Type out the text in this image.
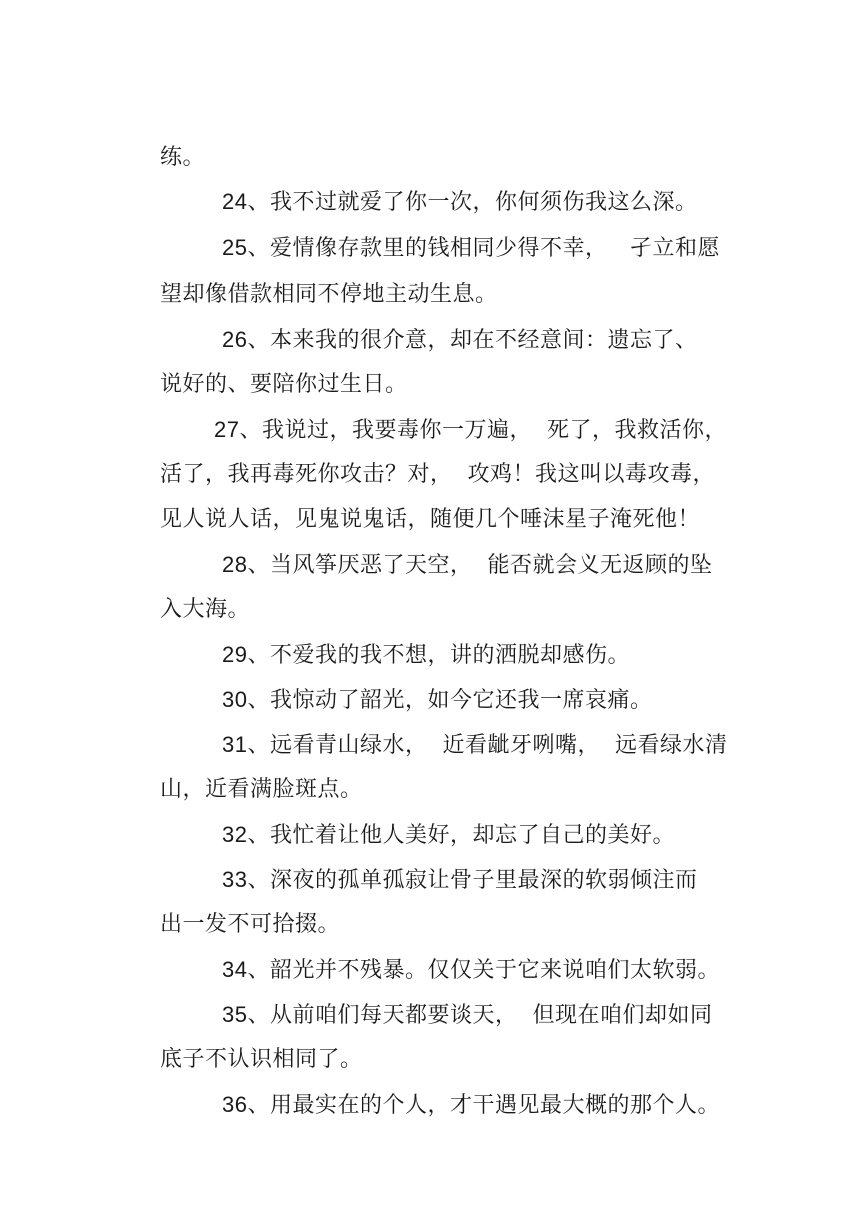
练。

24、我不过就爱了你一次，你何须伤我这么深。

25、爱情像存款里的钱相同少得不幸，   孑立和愿

望却像借款相同不停地主动生息。

26、本来我的很介意，却在不经意间：遗忘了、

说好的、要陪你过生日。

27、我说过，我要毒你一万遍，  死了，我救活你，

活了，我再毒死你攻击？对，  攻鸡！我这叫以毒攻毒，

见人说人话，见鬼说鬼话，随便几个唾沫星子淹死他！

28、当风筝厌恶了天空，  能否就会义无返顾的坠

入大海。

29、不爱我的我不想，讲的洒脱却感伤。

30、我惊动了韶光，如今它还我一席哀痛。

31、远看青山绿水，  近看龇牙咧嘴，  远看绿水清

山，近看满脸斑点。

32、我忙着让他人美好，却忘了自己的美好。

33、深夜的孤单孤寂让骨子里最深的软弱倾注而

出一发不可拾掇。

34、韶光并不残暴。仅仅关于它来说咱们太软弱。

35、从前咱们每天都要谈天，  但现在咱们却如同

底子不认识相同了。

36、用最实在的个人，才干遇见最大概的那个人。
